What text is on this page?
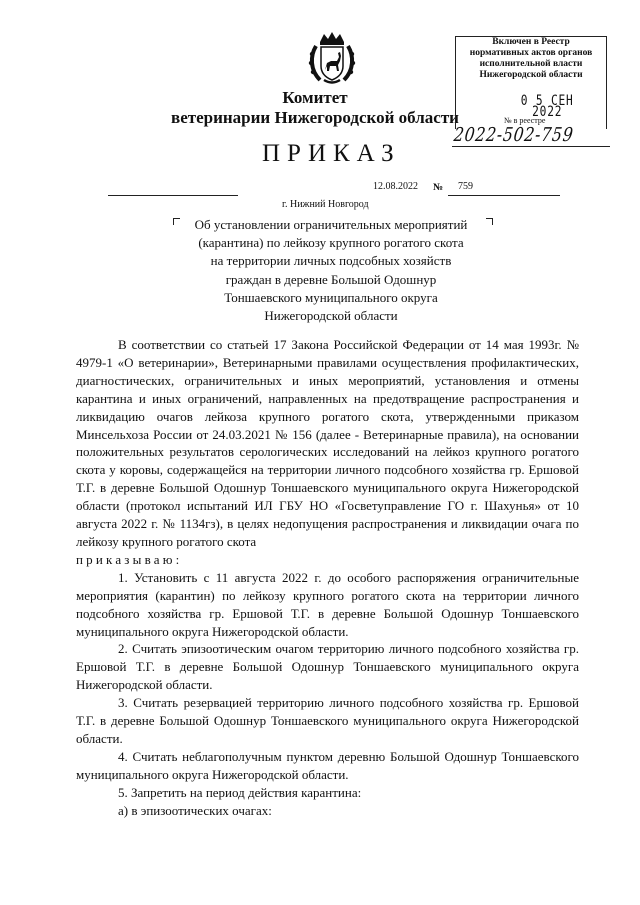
Комитет
ветеринарии Нижегородской области
ПРИКАЗ
Включен в Реестр
нормативных актов органов
исполнительной власти
Нижегородской области
0 5 СЕН 2022
№ в реестре
2022-502-759
12.08.2022 № 759
г. Нижний Новгород
Об установлении ограничительных мероприятий
(карантина) по лейкозу крупного рогатого скота
на территории личных подсобных хозяйств
граждан в деревне Большой Одошнур
Тоншаевского муниципального округа
Нижегородской области

В соответствии со статьей 17 Закона Российской Федерации от 14 мая 1993г. № 4979-1 «О ветеринарии», Ветеринарными правилами осуществления профилактических, диагностических, ограничительных и иных мероприятий, установления и отмены карантина и иных ограничений, направленных на предотвращение распространения и ликвидацию очагов лейкоза крупного рогатого скота, утвержденными приказом Минсельхоза России от 24.03.2021 № 156 (далее - Ветеринарные правила), на основании положительных результатов серологических исследований на лейкоз крупного рогатого скота у коровы, содержащейся на территории личного подсобного хозяйства гр. Ершовой Т.Г. в деревне Большой Одошнур Тоншаевского муниципального округа Нижегородской области (протокол испытаний ИЛ ГБУ НО «Госветуправление ГО г. Шахунья» от 10 августа 2022 г. № 1134гз), в целях недопущения распространения и ликвидации очага по лейкозу крупного рогатого скота

приказываю:

1. Установить с 11 августа 2022 г. до особого распоряжения ограничительные мероприятия (карантин) по лейкозу крупного рогатого скота на территории личного подсобного хозяйства гр. Ершовой Т.Г. в деревне Большой Одошнур Тоншаевского муниципального округа Нижегородской области.

2. Считать эпизоотическим очагом территорию личного подсобного хозяйства гр. Ершовой Т.Г. в деревне Большой Одошнур Тоншаевского муниципального округа Нижегородской области.

3. Считать резервацией территорию личного подсобного хозяйства гр. Ершовой Т.Г. в деревне Большой Одошнур Тоншаевского муниципального округа Нижегородской области.

4. Считать неблагополучным пунктом деревню Большой Одошнур Тоншаевского муниципального округа Нижегородской области.

5. Запретить на период действия карантина:

а) в эпизоотических очагах:
